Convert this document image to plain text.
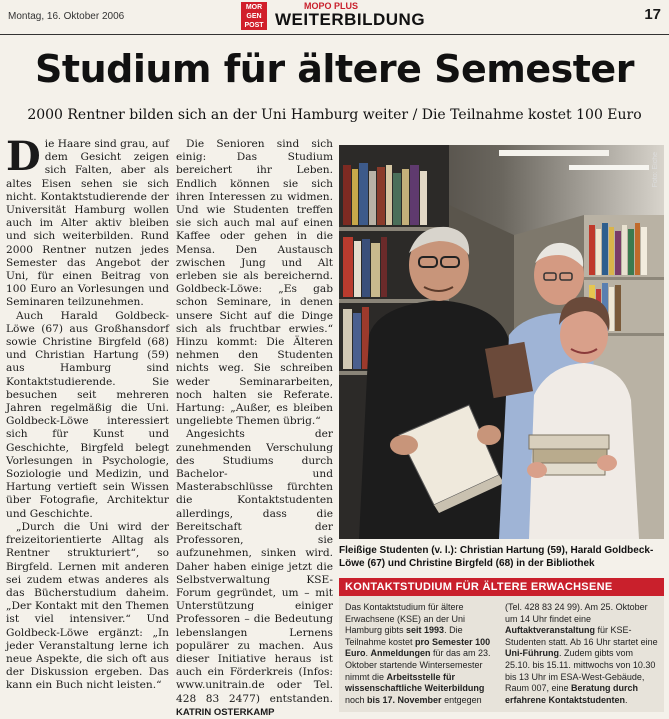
Montag, 16. Oktober 2006
MOR
GEN
POST
MOPO PLUS
WEITERBILDUNG	17
Studium für ältere Semester
2000 Rentner bilden sich an der Uni Hamburg weiter / Die Teilnahme kostet 100 Euro

Die Haare sind grau, auf dem Gesicht zeigen sich Falten, aber als altes Eisen sehen sie sich nicht. Kontaktstudierende der Universität Hamburg wollen auch im Alter aktiv bleiben und sich weiterbilden. Rund 2000 Rentner nutzen jedes Semester das Angebot der Uni, für einen Beitrag von 100 Euro an Vorlesungen und Seminaren teilzunehmen.

Auch Harald Goldbeck-Löwe (67) aus Großhansdorf sowie Christine Birgfeld (68) und Christian Hartung (59) aus Hamburg sind Kontaktstudierende. Sie besuchen seit mehreren Jahren regelmäßig die Uni. Goldbeck-Löwe interessiert sich für Kunst und Geschichte, Birgfeld belegt Vorlesungen in Psychologie, Soziologie und Medizin, und Hartung vertieft sein Wissen über Fotografie, Architektur und Geschichte.

„Durch die Uni wird der freizeitorientierte Alltag als Rentner strukturiert“, so Birgfeld. Lernen mit anderen sei zudem etwas anderes als das Bücherstudium daheim. „Der Kontakt mit den Themen ist viel intensiver.“ Und Goldbeck-Löwe ergänzt: „In jeder Veranstaltung lerne ich neue Aspekte, die sich oft aus der Diskussion ergeben. Das kann ein Buch nicht leisten.“

Die Senioren sind sich einig: Das Studium bereichert ihr Leben. Endlich können sie sich ihren Interessen zu widmen. Und wie Studenten treffen sie sich auch mal auf einen Kaffee oder gehen in die Mensa. Den Austausch zwischen Jung und Alt erleben sie als bereichernd. Goldbeck-Löwe: „Es gab schon Seminare, in denen unsere Sicht auf die Dinge sich als fruchtbar erwies.“ Hinzu kommt: Die Älteren nehmen den Studenten nichts weg. Sie schreiben weder Seminararbeiten, noch halten sie Referate. Hartung: „Außer, es bleiben ungeliebte Themen übrig.“

Angesichts der zunehmenden Verschulung des Studiums durch Bachelor- und Masterabschlüsse fürchten die Kontaktstudenten allerdings, dass die Bereitschaft der Professoren, sie aufzunehmen, sinken wird. Daher haben einige jetzt die Selbstverwaltung KSE-Forum gegründet, um – mit Unterstützung einiger Professoren – die Bedeutung lebenslangen Lernens populärer zu machen. Aus dieser Initiative heraus ist auch ein Förderkreis (Infos: www.unitrain.de oder Tel. 428 83 2477) entstanden. KATRIN OSTERKAMP

Foto: Eiche
Fleißige Studenten (v. l.): Christian Hartung (59), Harald Goldbeck-Löwe (67) und Christine Birgfeld (68) in der Bibliothek
KONTAKTSTUDIUM FÜR ÄLTERE ERWACHSENE
Das Kontaktstudium für ältere Erwachsene (KSE) an der Uni Hamburg gibts seit 1993. Die Teilnahme kostet pro Semester 100 Euro. Anmeldungen für das am 23. Oktober startende Wintersemester nimmt die Arbeitsstelle für wissenschaftliche Weiterbildung noch bis 17. November entgegen
(Tel. 428 83 24 99). Am 25. Oktober um 14 Uhr findet eine Auftaktveranstaltung für KSE-Studenten statt. Ab 16 Uhr startet eine Uni-Führung. Zudem gibts vom 25.10. bis 15.11. mittwochs von 10.30 bis 13 Uhr im ESA-West-Gebäude, Raum 007, eine Beratung durch erfahrene Kontaktstudenten.
